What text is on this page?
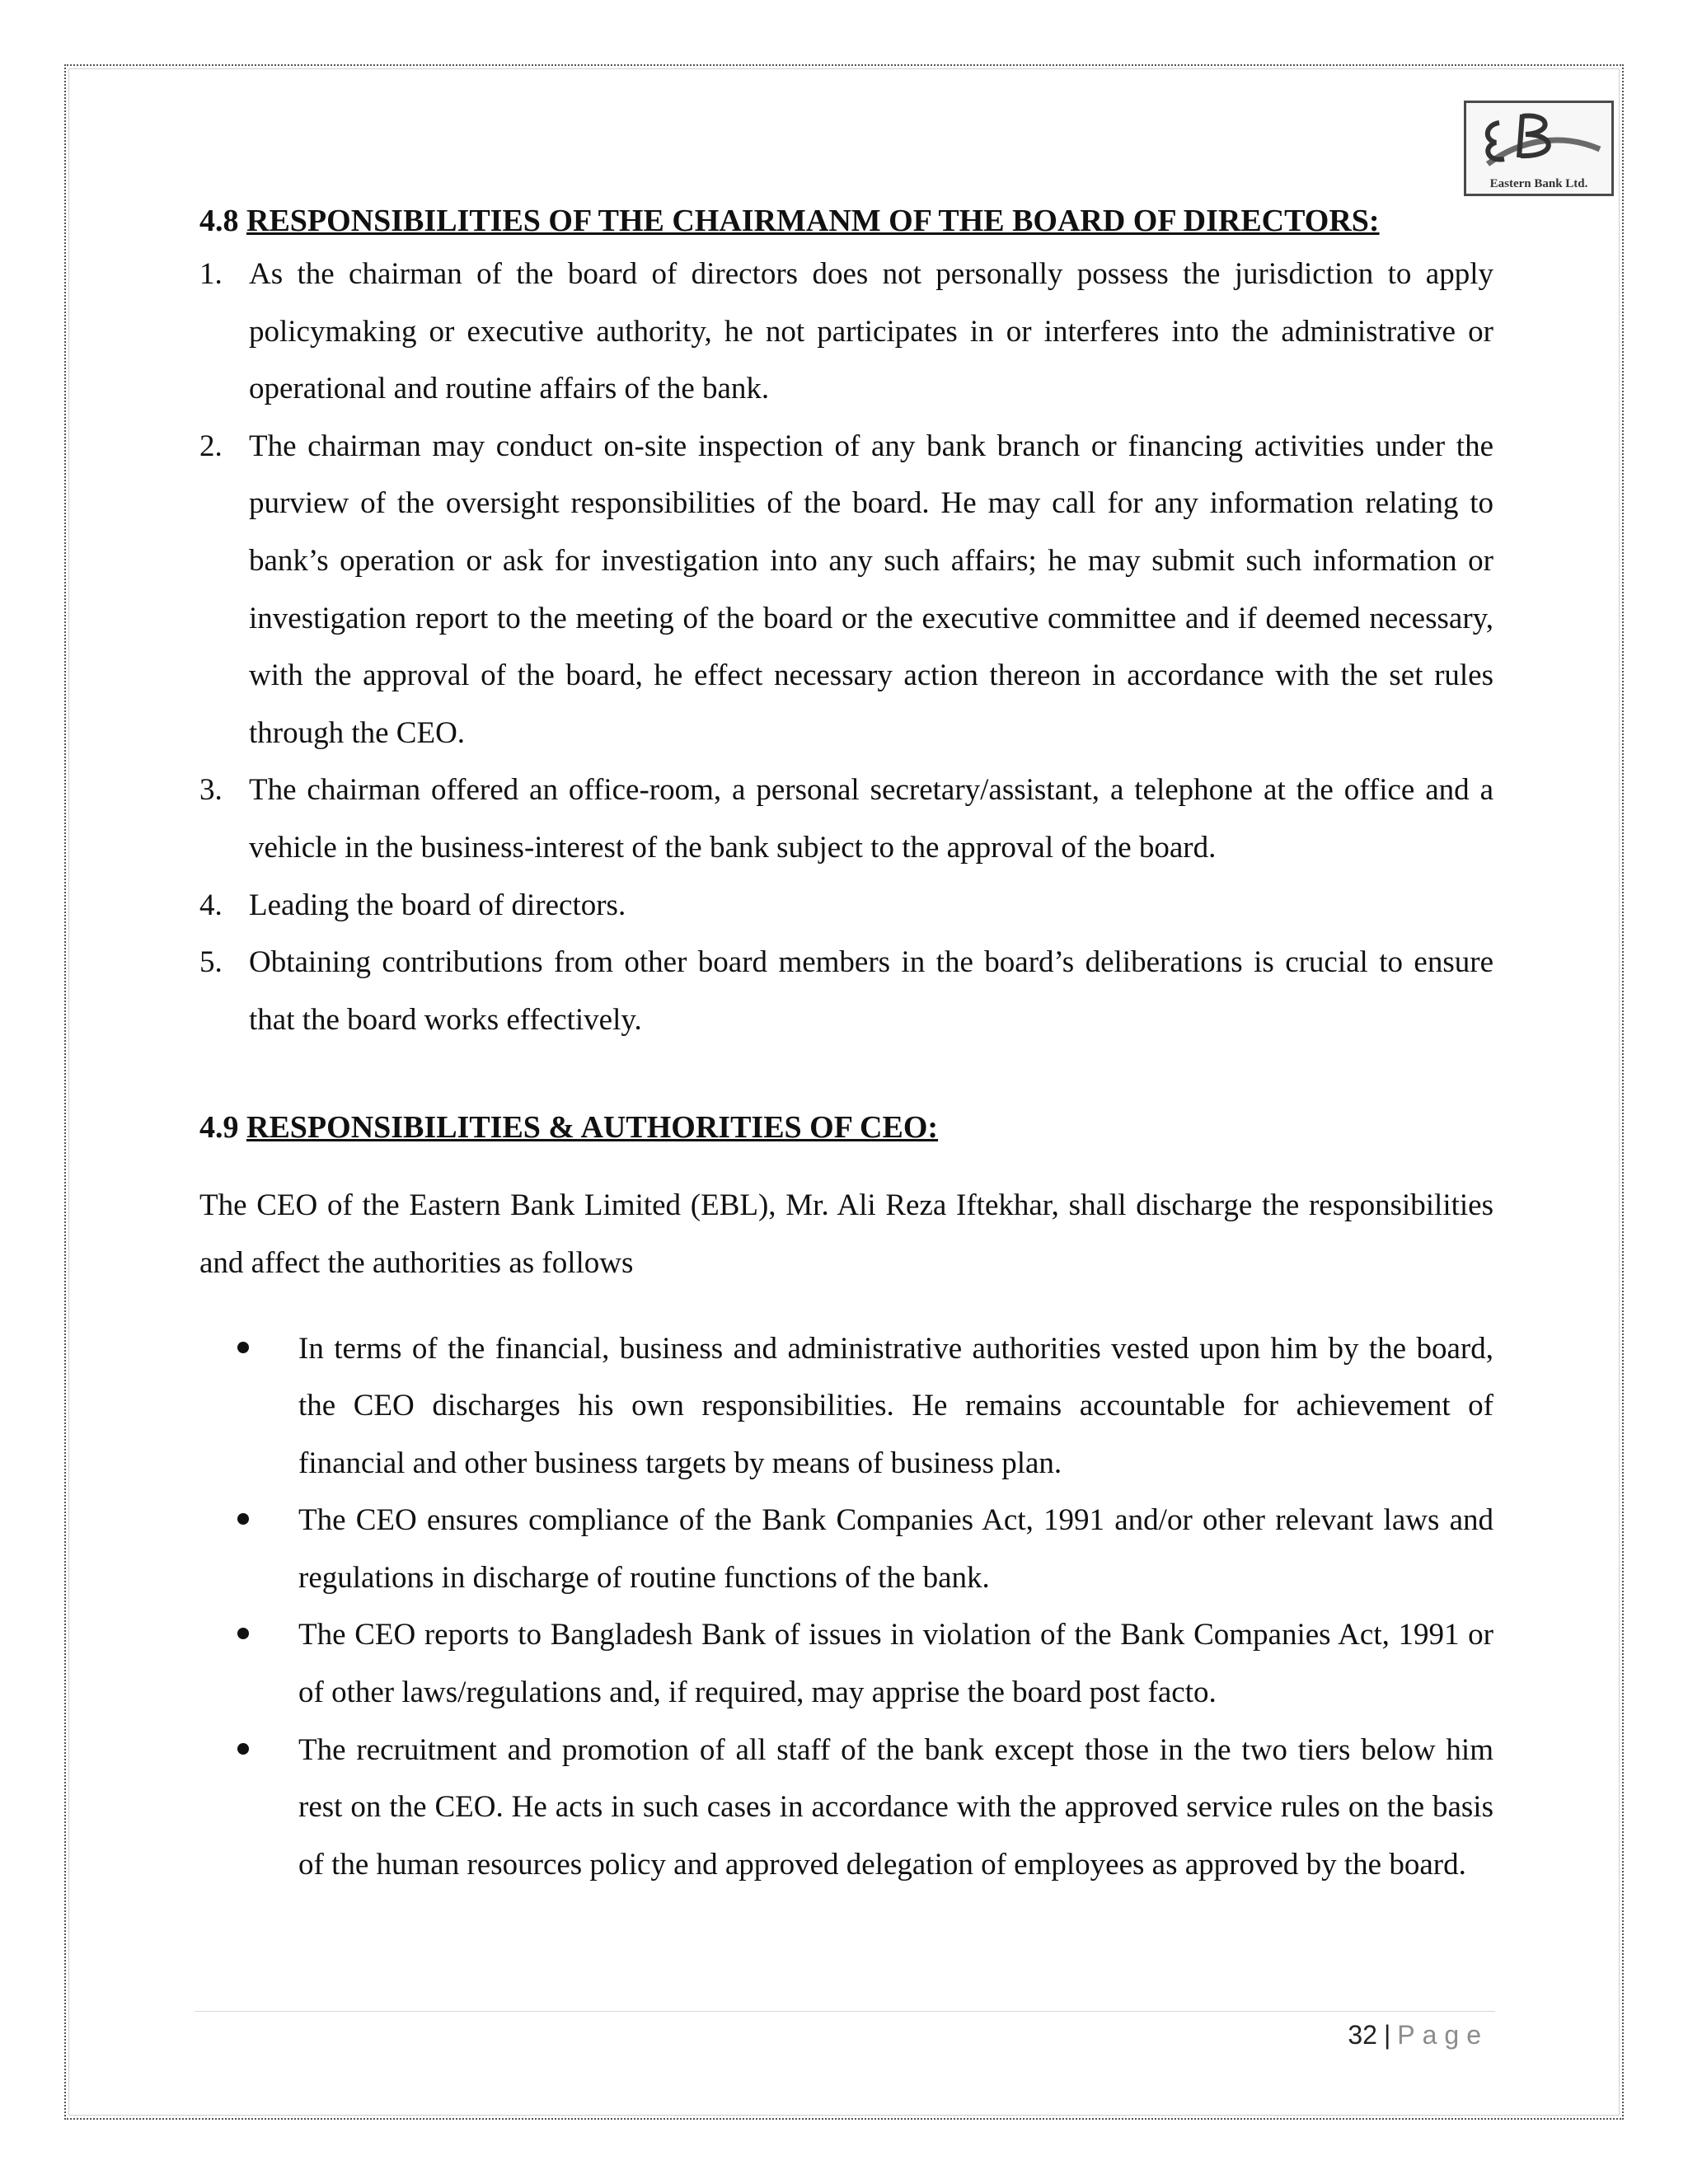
Eastern Bank Ltd.
4.8 RESPONSIBILITIES OF THE CHAIRMANM OF THE BOARD OF DIRECTORS:
1. As the chairman of the board of directors does not personally possess the jurisdiction to apply policymaking or executive authority, he not participates in or interferes into the administrative or operational and routine affairs of the bank.
2. The chairman may conduct on-site inspection of any bank branch or financing activities under the purview of the oversight responsibilities of the board. He may call for any information relating to bank’s operation or ask for investigation into any such affairs; he may submit such information or investigation report to the meeting of the board or the executive committee and if deemed necessary, with the approval of the board, he effect necessary action thereon in accordance with the set rules through the CEO.
3. The chairman offered an office-room, a personal secretary/assistant, a telephone at the office and a vehicle in the business-interest of the bank subject to the approval of the board.
4. Leading the board of directors.
5. Obtaining contributions from other board members in the board’s deliberations is crucial to ensure that the board works effectively.
4.9 RESPONSIBILITIES & AUTHORITIES OF CEO:

The CEO of the Eastern Bank Limited (EBL), Mr. Ali Reza Iftekhar, shall discharge the responsibilities and affect the authorities as follows

In terms of the financial, business and administrative authorities vested upon him by the board, the CEO discharges his own responsibilities. He remains accountable for achievement of financial and other business targets by means of business plan.
The CEO ensures compliance of the Bank Companies Act, 1991 and/or other relevant laws and regulations in discharge of routine functions of the bank.
The CEO reports to Bangladesh Bank of issues in violation of the Bank Companies Act, 1991 or of other laws/regulations and, if required, may apprise the board post facto.
The recruitment and promotion of all staff of the bank except those in the two tiers below him rest on the CEO. He acts in such cases in accordance with the approved service rules on the basis of the human resources policy and approved delegation of employees as approved by the board.
32 | Page
